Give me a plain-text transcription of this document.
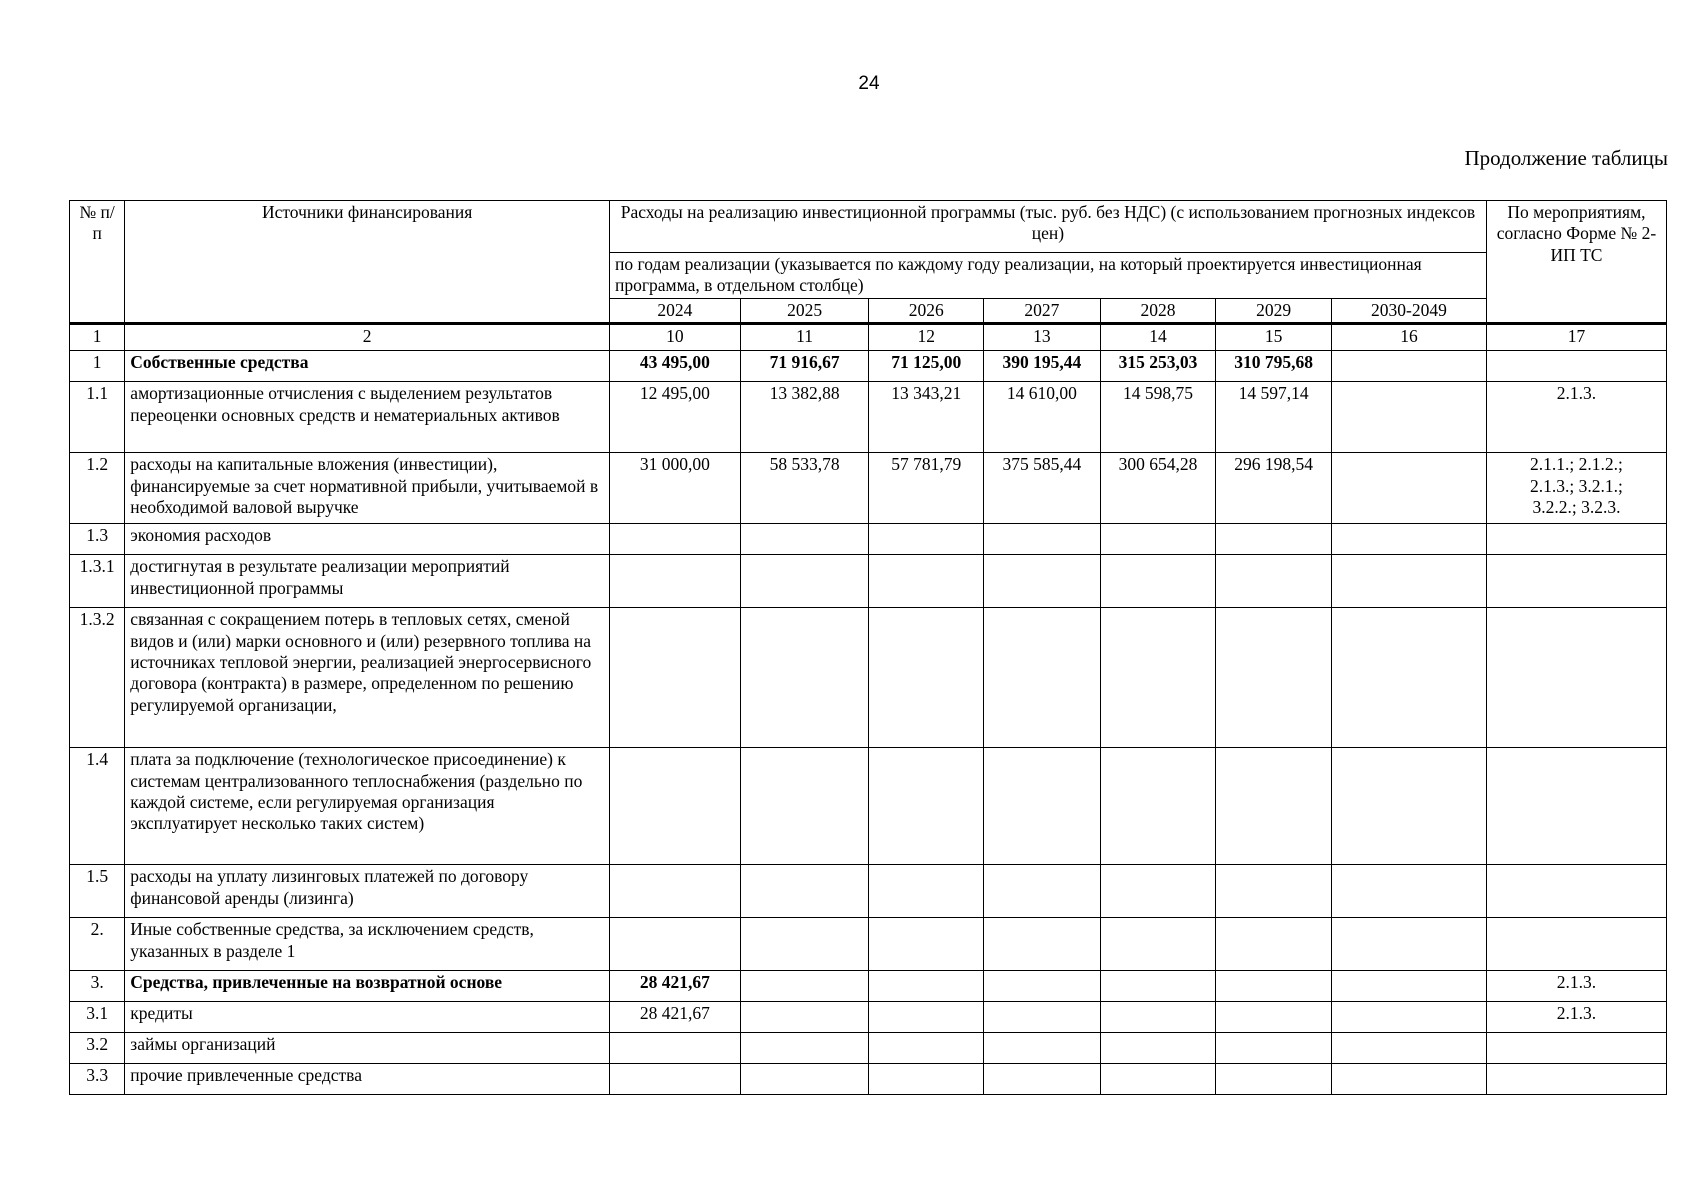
24
Продолжение таблицы
№ п/п	Источники финансирования	Расходы на реализацию инвестиционной программы (тыс. руб. без НДС) (с использованием прогнозных индексов цен)							По мероприятиям, согласно Форме № 2-ИП ТС
		по годам реализации (указывается по каждому году реализации, на который проектируется инвестиционная программа, в отдельном столбце)							
		2024	2025	2026	2027	2028	2029	2030-2049	
1	2	10	11	12	13	14	15	16	17
1	Собственные средства	43 495,00	71 916,67	71 125,00	390 195,44	315 253,03	310 795,68		
1.1	амортизационные отчисления с выделением результатов переоценки основных средств и нематериальных активов	12 495,00	13 382,88	13 343,21	14 610,00	14 598,75	14 597,14		2.1.3.
1.2	расходы на капитальные вложения (инвестиции), финансируемые за счет нормативной прибыли, учитываемой в необходимой валовой выручке	31 000,00	58 533,78	57 781,79	375 585,44	300 654,28	296 198,54		2.1.1.; 2.1.2.; 2.1.3.; 3.2.1.; 3.2.2.; 3.2.3.
1.3	экономия расходов								
1.3.1	достигнутая в результате реализации мероприятий инвестиционной программы								
1.3.2	связанная с сокращением потерь в тепловых сетях, сменой видов и (или) марки основного и (или) резервного топлива на источниках тепловой энергии, реализацией энергосервисного договора (контракта) в размере, определенном по решению регулируемой организации,								
1.4	плата за подключение (технологическое присоединение) к системам централизованного теплоснабжения (раздельно по каждой системе, если регулируемая организация эксплуатирует несколько таких систем)								
1.5	расходы на уплату лизинговых платежей по договору финансовой аренды (лизинга)								
2.	Иные собственные средства, за исключением средств, указанных в разделе 1								
3.	Средства, привлеченные на возвратной основе	28 421,67							2.1.3.
3.1	кредиты	28 421,67							2.1.3.
3.2	займы организаций								
3.3	прочие привлеченные средства								
